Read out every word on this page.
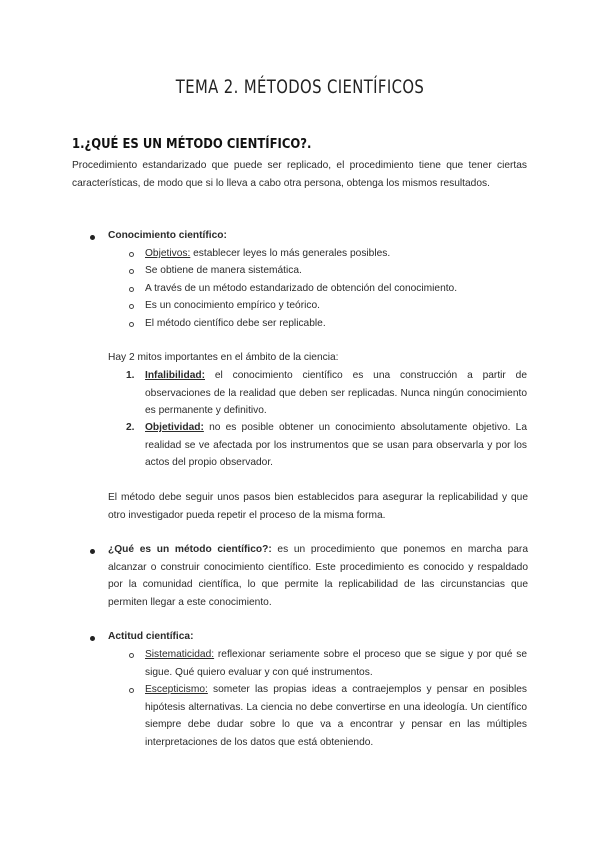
TEMA 2. MÉTODOS CIENTÍFICOS
1.¿QUÉ ES UN MÉTODO CIENTÍFICO?.
Procedimiento estandarizado que puede ser replicado, el procedimiento tiene que tener ciertas características, de modo que si lo lleva a cabo otra persona, obtenga los mismos resultados.
Conocimiento científico:
Objetivos: establecer leyes lo más generales posibles.
Se obtiene de manera sistemática.
A través de un método estandarizado de obtención del conocimiento.
Es un conocimiento empírico y teórico.
El método científico debe ser replicable.
Hay 2 mitos importantes en el ámbito de la ciencia:
1. Infalibilidad: el conocimiento científico es una construcción a partir de observaciones de la realidad que deben ser replicadas. Nunca ningún conocimiento es permanente y definitivo.
2. Objetividad: no es posible obtener un conocimiento absolutamente objetivo. La realidad se ve afectada por los instrumentos que se usan para observarla y por los actos del propio observador.
El método debe seguir unos pasos bien establecidos para asegurar la replicabilidad y que otro investigador pueda repetir el proceso de la misma forma.
¿Qué es un método científico?: es un procedimiento que ponemos en marcha para alcanzar o construir conocimiento científico. Este procedimiento es conocido y respaldado por la comunidad científica, lo que permite la replicabilidad de las circunstancias que permiten llegar a este conocimiento.
Actitud científica:
Sistematicidad: reflexionar seriamente sobre el proceso que se sigue y por qué se sigue. Qué quiero evaluar y con qué instrumentos.
Escepticismo: someter las propias ideas a contraejemplos y pensar en posibles hipótesis alternativas. La ciencia no debe convertirse en una ideología. Un científico siempre debe dudar sobre lo que va a encontrar y pensar en las múltiples interpretaciones de los datos que está obteniendo.
